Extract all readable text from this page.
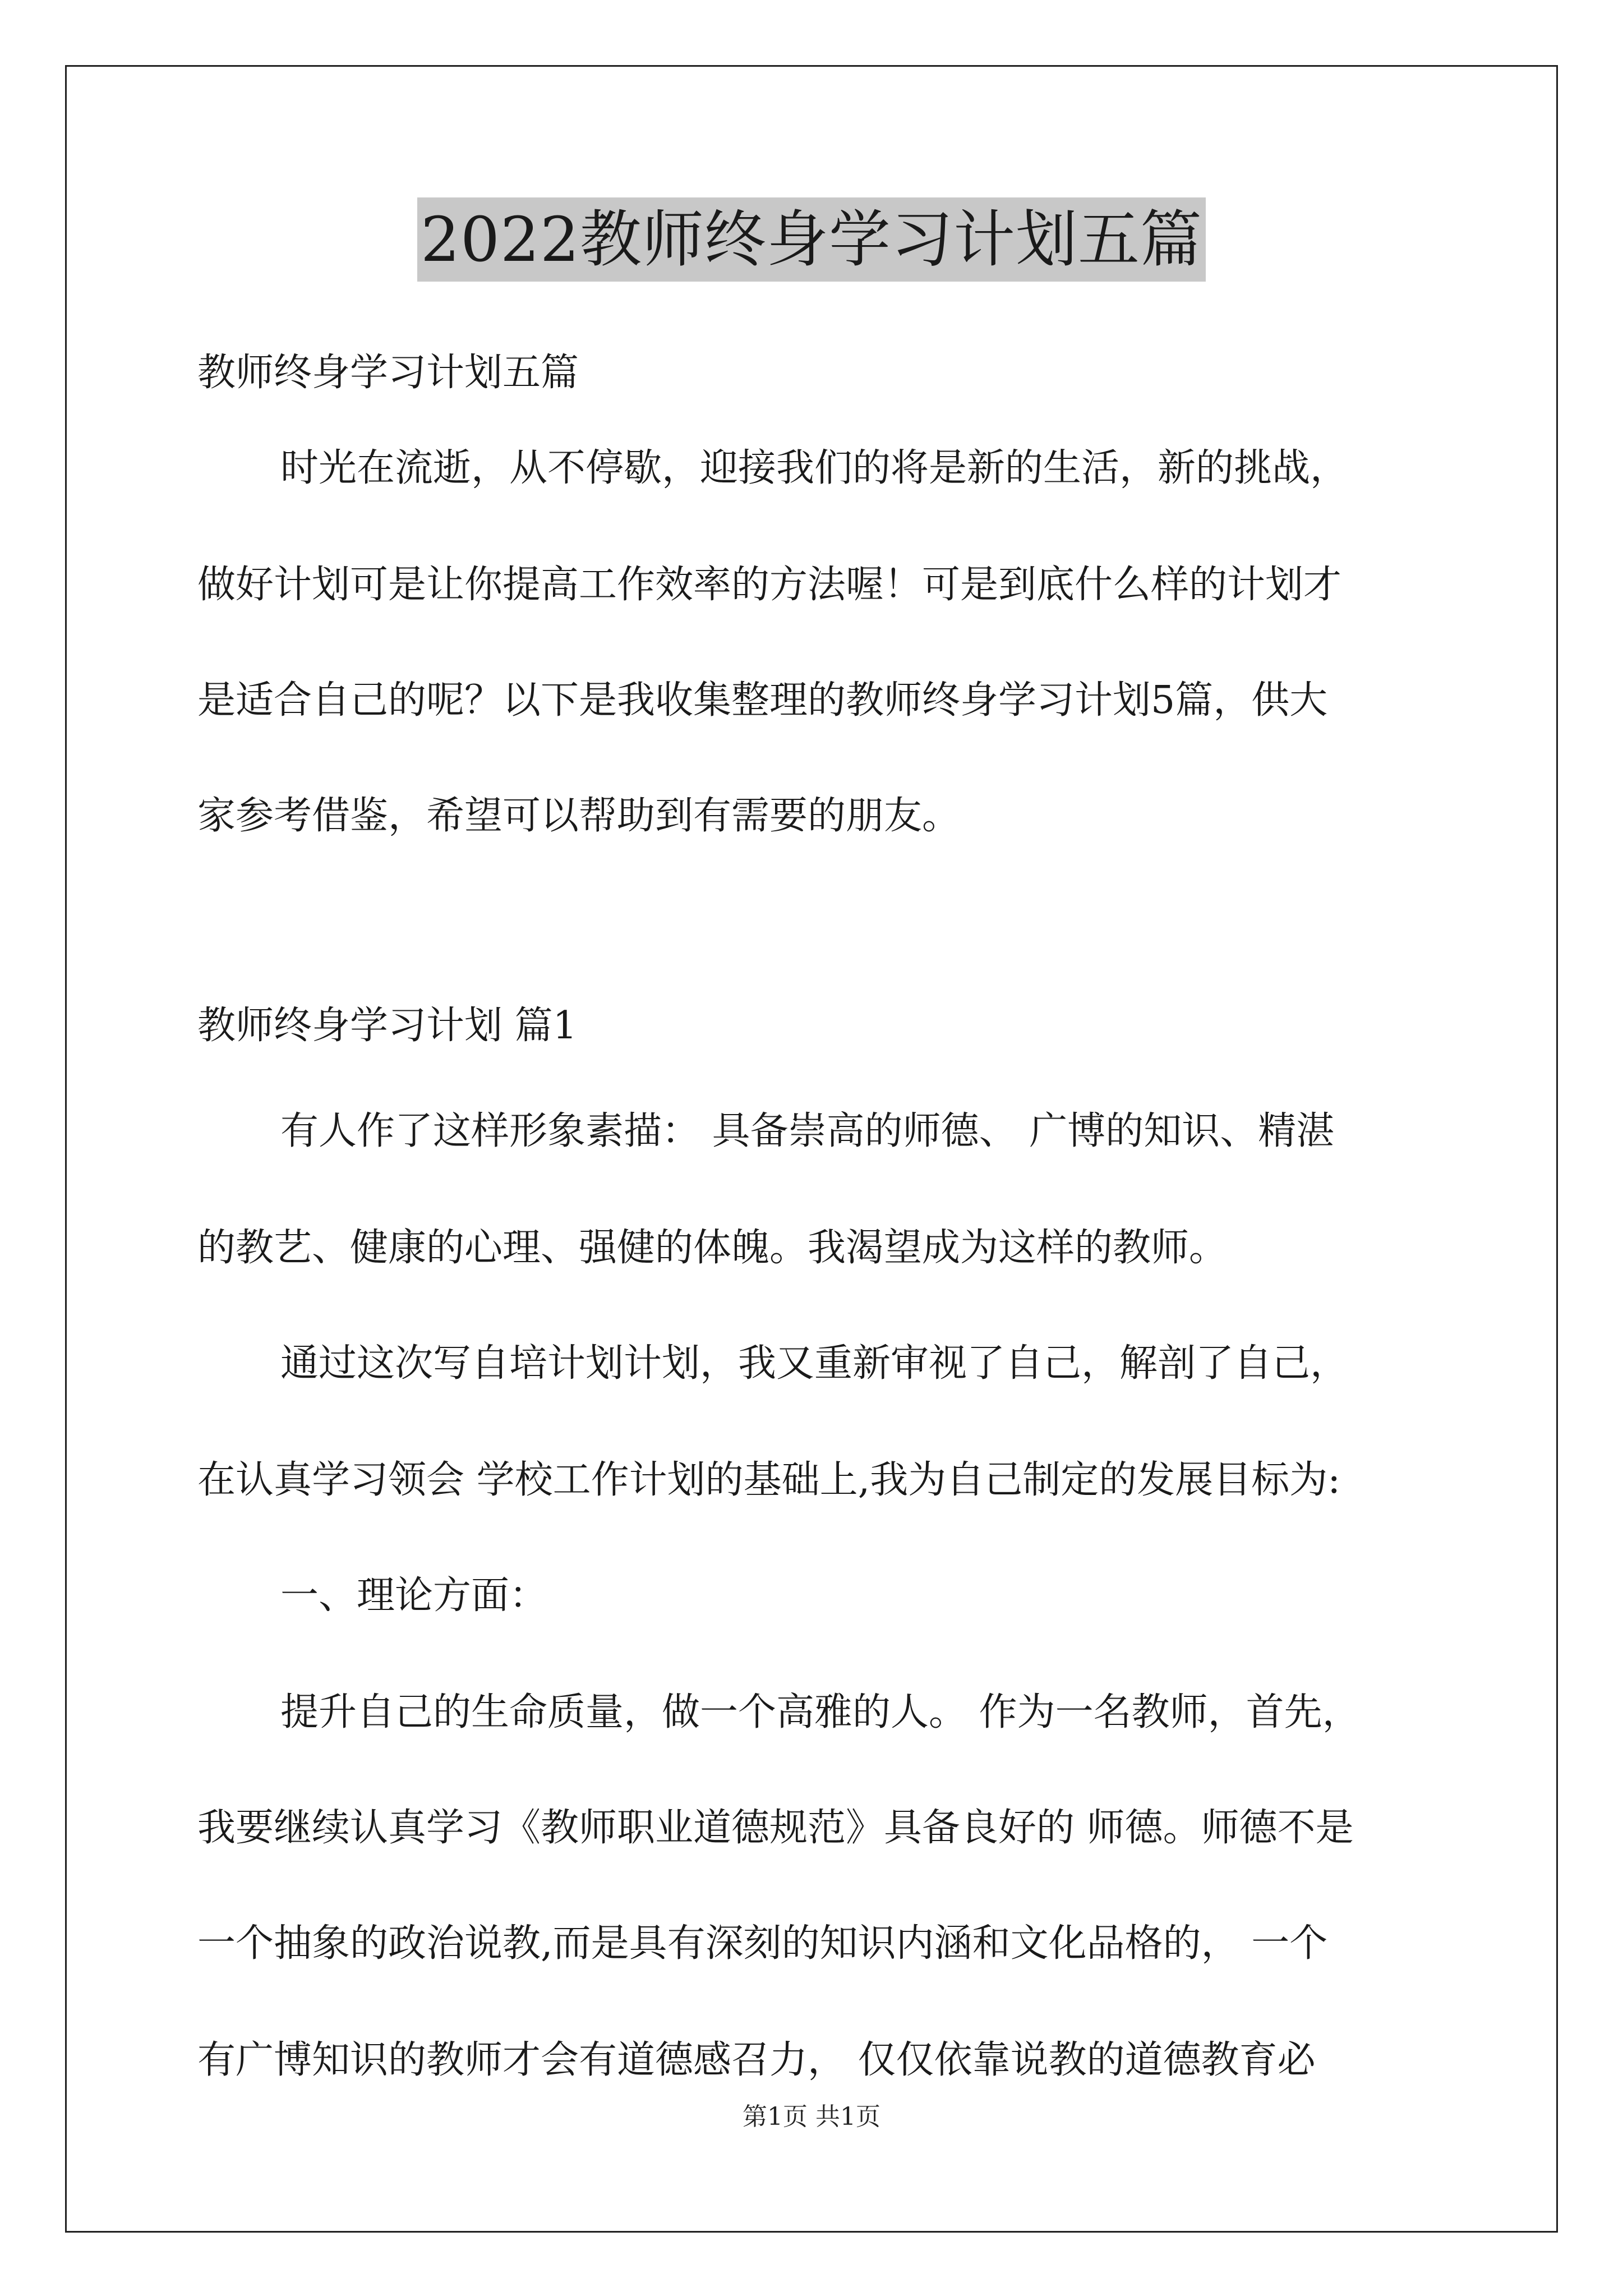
2022教师终身学习计划五篇
教师终身学习计划五篇
时光在流逝，从不停歇，迎接我们的将是新的生活，新的挑战，
做好计划可是让你提高工作效率的方法喔！可是到底什么样的计划才
是适合自己的呢？以下是我收集整理的教师终身学习计划5篇，供大
家参考借鉴，希望可以帮助到有需要的朋友。
教师终身学习计划 篇1
有人作了这样形象素描： 具备崇高的师德、 广博的知识、精湛
的教艺、健康的心理、强健的体魄。我渴望成为这样的教师。
通过这次写自培计划计划，我又重新审视了自己，解剖了自己，
在认真学习领会 学校工作计划的基础上,我为自己制定的发展目标为:
一、理论方面：
提升自己的生命质量，做一个高雅的人。 作为一名教师，首先，
我要继续认真学习《教师职业道德规范》具备良好的 师德。师德不是
一个抽象的政治说教,而是具有深刻的知识内涵和文化品格的， 一个
有广博知识的教师才会有道德感召力， 仅仅依靠说教的道德教育必
第1页 共1页
